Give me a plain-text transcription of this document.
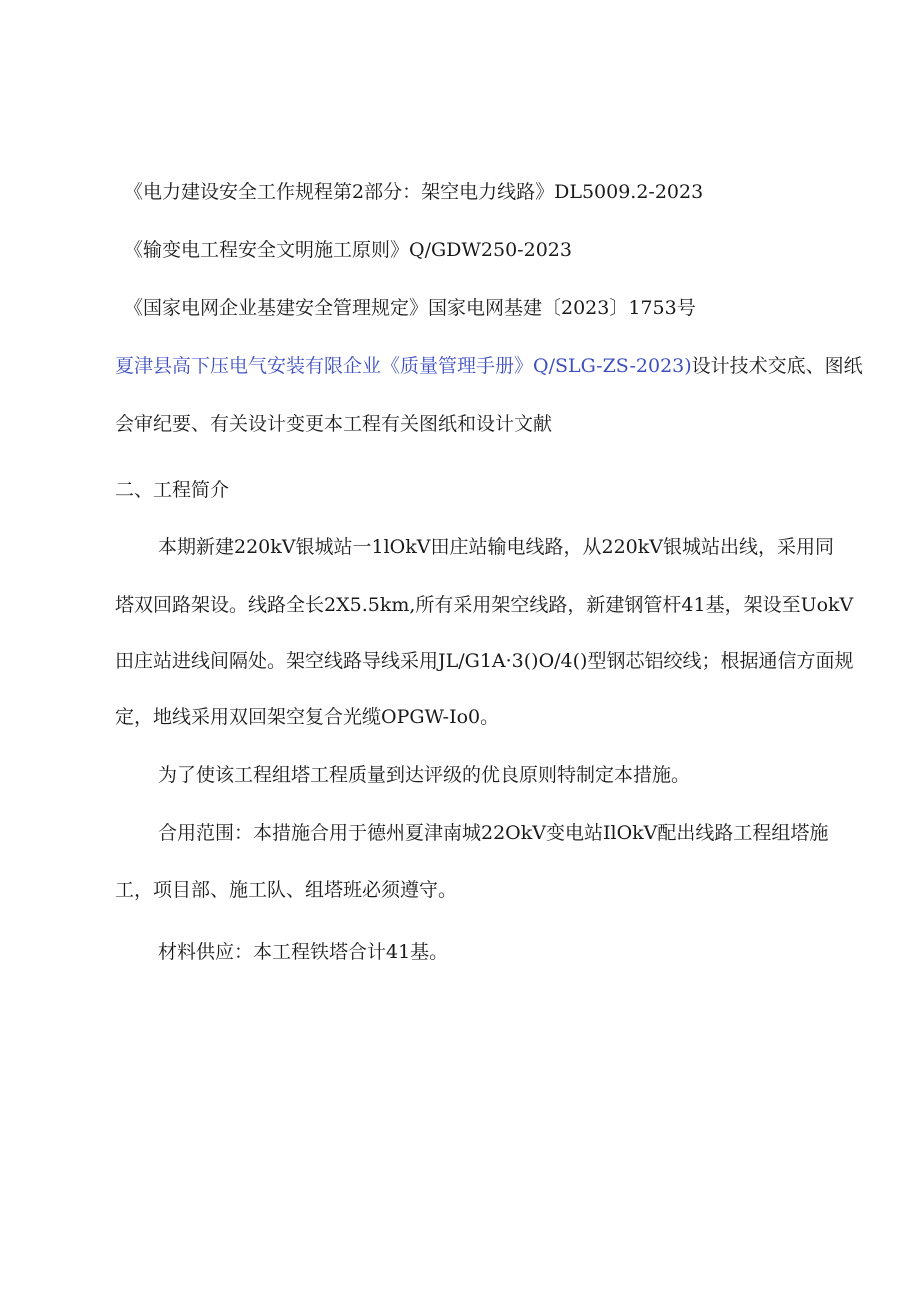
《电力建设安全工作规程第2部分：架空电力线路》DL5009.2-2023
《输变电工程安全文明施工原则》Q/GDW250-2023
《国家电网企业基建安全管理规定》国家电网基建〔2023〕1753号
夏津县高下压电气安装有限企业《质量管理手册》Q/SLG-ZS-2023)设计技术交底、图纸
会审纪要、有关设计变更本工程有关图纸和设计文献
二、工程简介
本期新建220kV银城站一1lOkV田庄站输电线路，从220kV银城站出线，采用同
塔双回路架设。线路全长2X5.5km,所有采用架空线路，新建钢管杆41基，架设至UokV
田庄站进线间隔处。架空线路导线采用JL/G1A·3()O/4()型钢芯铝绞线；根据通信方面规
定，地线采用双回架空复合光缆OPGW-Io0。
为了使该工程组塔工程质量到达评级的优良原则特制定本措施。
合用范围：本措施合用于德州夏津南城22OkV变电站IlOkV配出线路工程组塔施
工，项目部、施工队、组塔班必须遵守。
材料供应：本工程铁塔合计41基。
